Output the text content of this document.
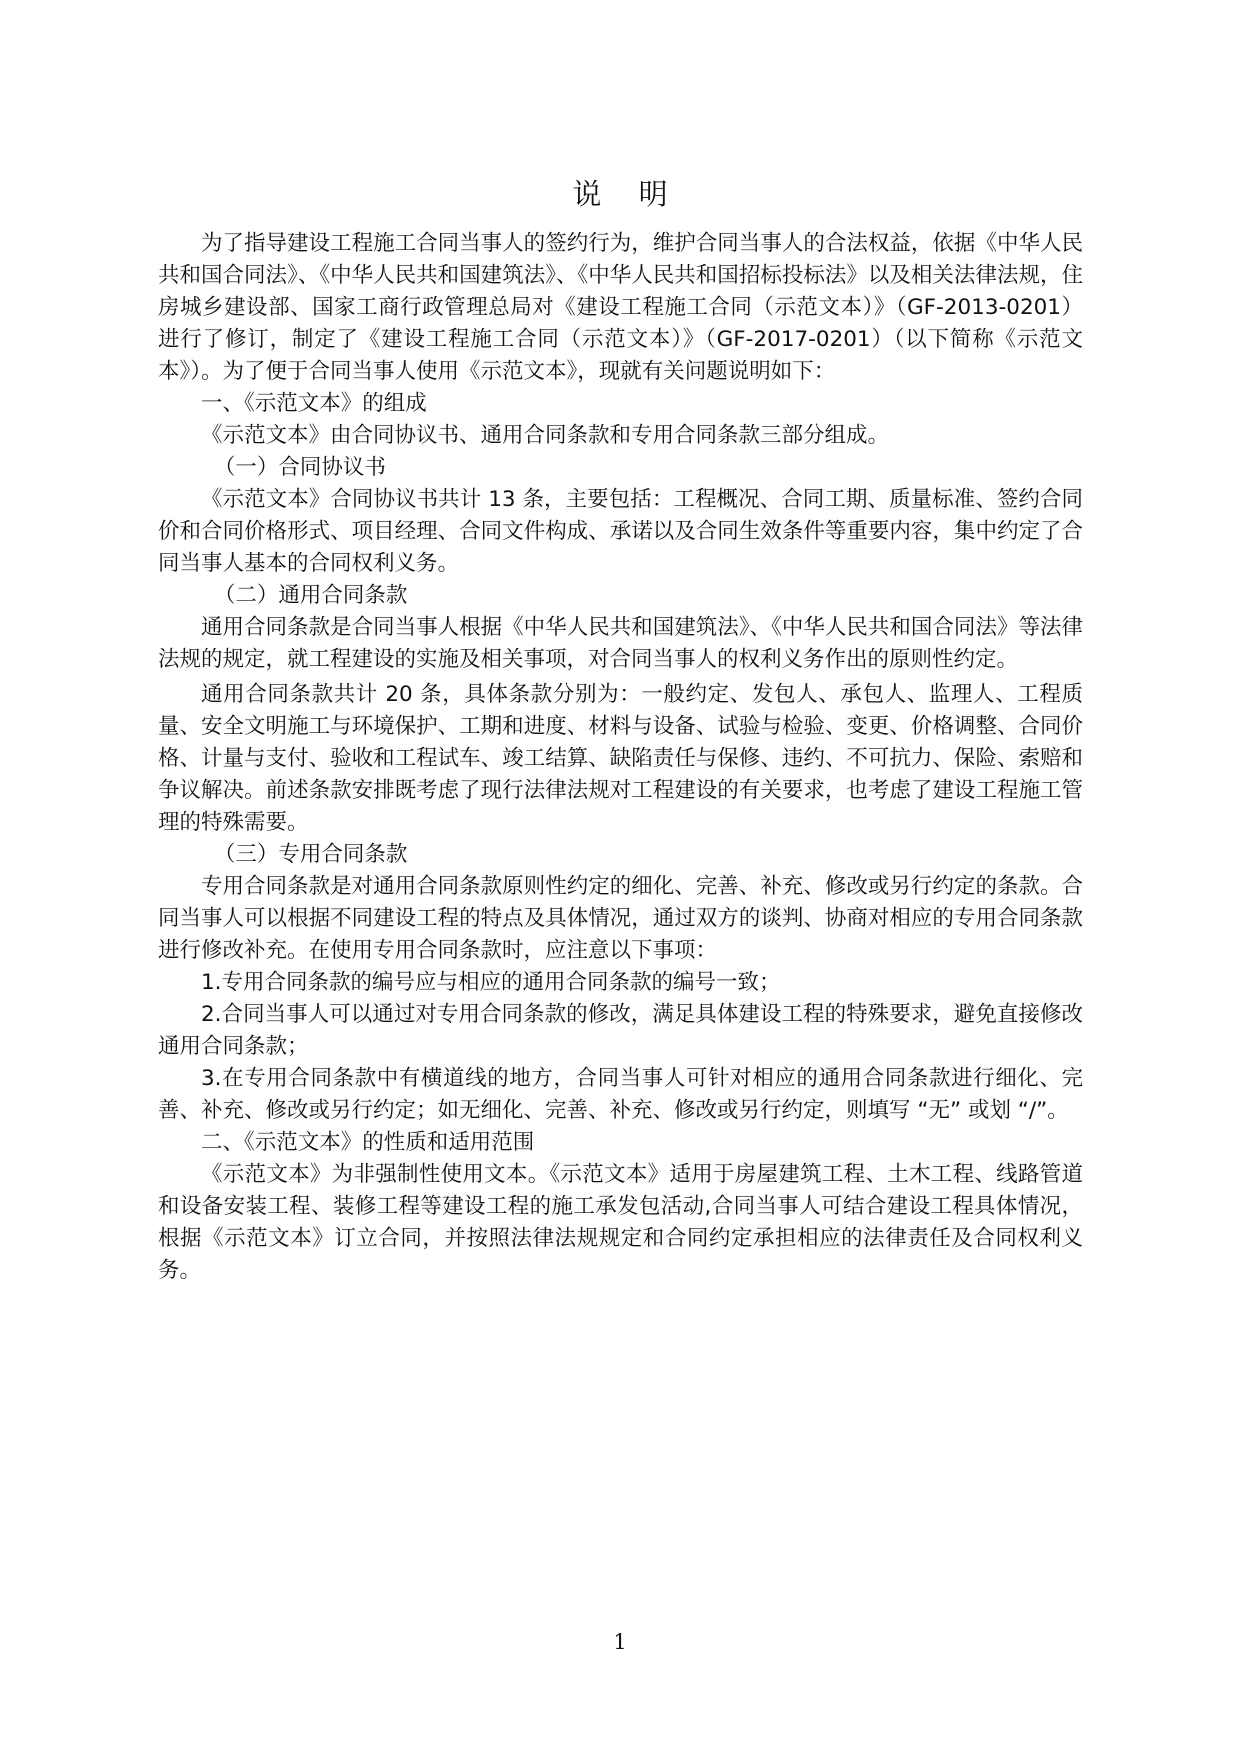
说 明

为了指导建设工程施工合同当事人的签约行为，维护合同当事人的合法权益，依据《中华人民共和国合同法》、《中华人民共和国建筑法》、《中华人民共和国招标投标法》以及相关法律法规，住房城乡建设部、国家工商行政管理总局对《建设工程施工合同（示范文本）》（GF-2013-0201）进行了修订，制定了《建设工程施工合同（示范文本）》（GF-2017-0201）（以下简称《示范文本》）。为了便于合同当事人使用《示范文本》，现就有关问题说明如下：

一、《示范文本》的组成

《示范文本》由合同协议书、通用合同条款和专用合同条款三部分组成。

（一）合同协议书

《示范文本》合同协议书共计 13 条，主要包括：工程概况、合同工期、质量标准、签约合同价和合同价格形式、项目经理、合同文件构成、承诺以及合同生效条件等重要内容，集中约定了合同当事人基本的合同权利义务。

（二）通用合同条款

通用合同条款是合同当事人根据《中华人民共和国建筑法》、《中华人民共和国合同法》等法律法规的规定，就工程建设的实施及相关事项，对合同当事人的权利义务作出的原则性约定。

通用合同条款共计 20 条，具体条款分别为：一般约定、发包人、承包人、监理人、工程质量、安全文明施工与环境保护、工期和进度、材料与设备、试验与检验、变更、价格调整、合同价格、计量与支付、验收和工程试车、竣工结算、缺陷责任与保修、违约、不可抗力、保险、索赔和争议解决。前述条款安排既考虑了现行法律法规对工程建设的有关要求，也考虑了建设工程施工管理的特殊需要。

（三）专用合同条款

专用合同条款是对通用合同条款原则性约定的细化、完善、补充、修改或另行约定的条款。合同当事人可以根据不同建设工程的特点及具体情况，通过双方的谈判、协商对相应的专用合同条款进行修改补充。在使用专用合同条款时，应注意以下事项：

1.专用合同条款的编号应与相应的通用合同条款的编号一致；

2.合同当事人可以通过对专用合同条款的修改，满足具体建设工程的特殊要求，避免直接修改通用合同条款；

3.在专用合同条款中有横道线的地方，合同当事人可针对相应的通用合同条款进行细化、完善、补充、修改或另行约定；如无细化、完善、补充、修改或另行约定，则填写 “无” 或划 “/”。

二、《示范文本》的性质和适用范围

《示范文本》为非强制性使用文本。《示范文本》适用于房屋建筑工程、土木工程、线路管道和设备安装工程、装修工程等建设工程的施工承发包活动,合同当事人可结合建设工程具体情况，根据《示范文本》订立合同，并按照法律法规规定和合同约定承担相应的法律责任及合同权利义务。

1
